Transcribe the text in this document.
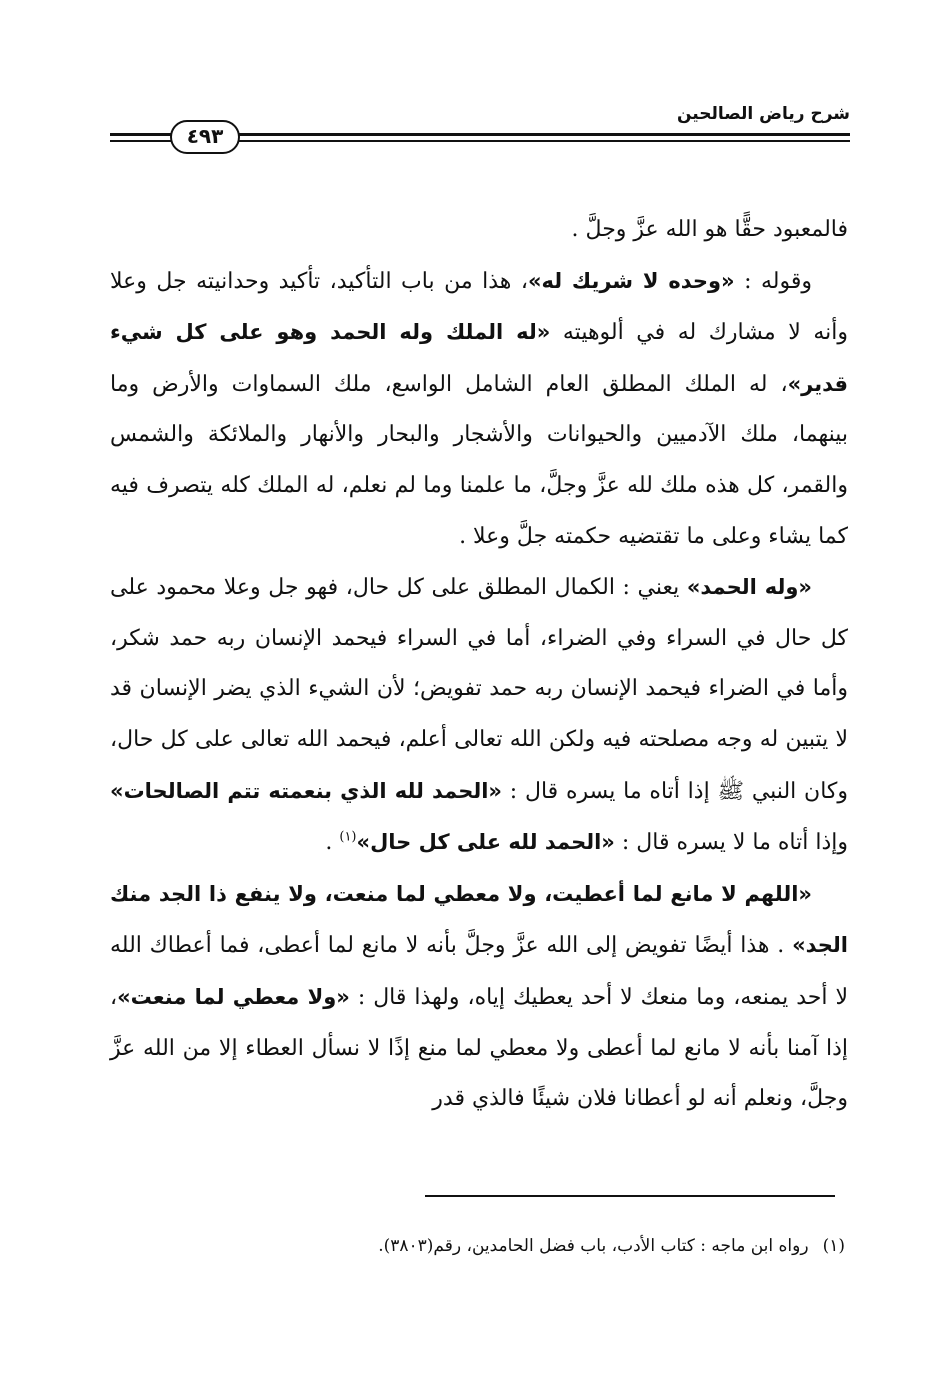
٤٩٣
شرح رياض الصالحين

فالمعبود حقًّا هو الله عزَّ وجلَّ .

وقوله : «وحده لا شريك له»، هذا من باب التأكيد، تأكيد وحدانيته جل وعلا وأنه لا مشارك له في ألوهيته «له الملك وله الحمد وهو على كل شيء قدير»، له الملك المطلق العام الشامل الواسع، ملك السماوات والأرض وما بينهما، ملك الآدميين والحيوانات والأشجار والبحار والأنهار والملائكة والشمس والقمر، كل هذه ملك لله عزَّ وجلَّ، ما علمنا وما لم نعلم، له الملك كله يتصرف فيه كما يشاء وعلى ما تقتضيه حكمته جلَّ وعلا .

«وله الحمد» يعني : الكمال المطلق على كل حال، فهو جل وعلا محمود على كل حال في السراء وفي الضراء، أما في السراء فيحمد الإنسان ربه حمد شكر، وأما في الضراء فيحمد الإنسان ربه حمد تفويض؛ لأن الشيء الذي يضر الإنسان قد لا يتبين له وجه مصلحته فيه ولكن الله تعالى أعلم، فيحمد الله تعالى على كل حال، وكان النبي ﷺ إذا أتاه ما يسره قال : «الحمد لله الذي بنعمته تتم الصالحات» وإذا أتاه ما لا يسره قال : «الحمد لله على كل حال»$^{(١)}$ .

«اللهم لا مانع لما أعطيت، ولا معطي لما منعت، ولا ينفع ذا الجد منك الجد» . هذا أيضًا تفويض إلى الله عزَّ وجلَّ بأنه لا مانع لما أعطى، فما أعطاك الله لا أحد يمنعه، وما منعك لا أحد يعطيك إياه، ولهذا قال : «ولا معطي لما منعت»، إذا آمنا بأنه لا مانع لما أعطى ولا معطي لما منع إذًا لا نسأل العطاء إلا من الله عزَّ وجلَّ، ونعلم أنه لو أعطانا فلان شيئًا فالذي قدر

(١)رواه ابن ماجه : كتاب الأدب، باب فضل الحامدين، رقم(٣٨٠٣).
